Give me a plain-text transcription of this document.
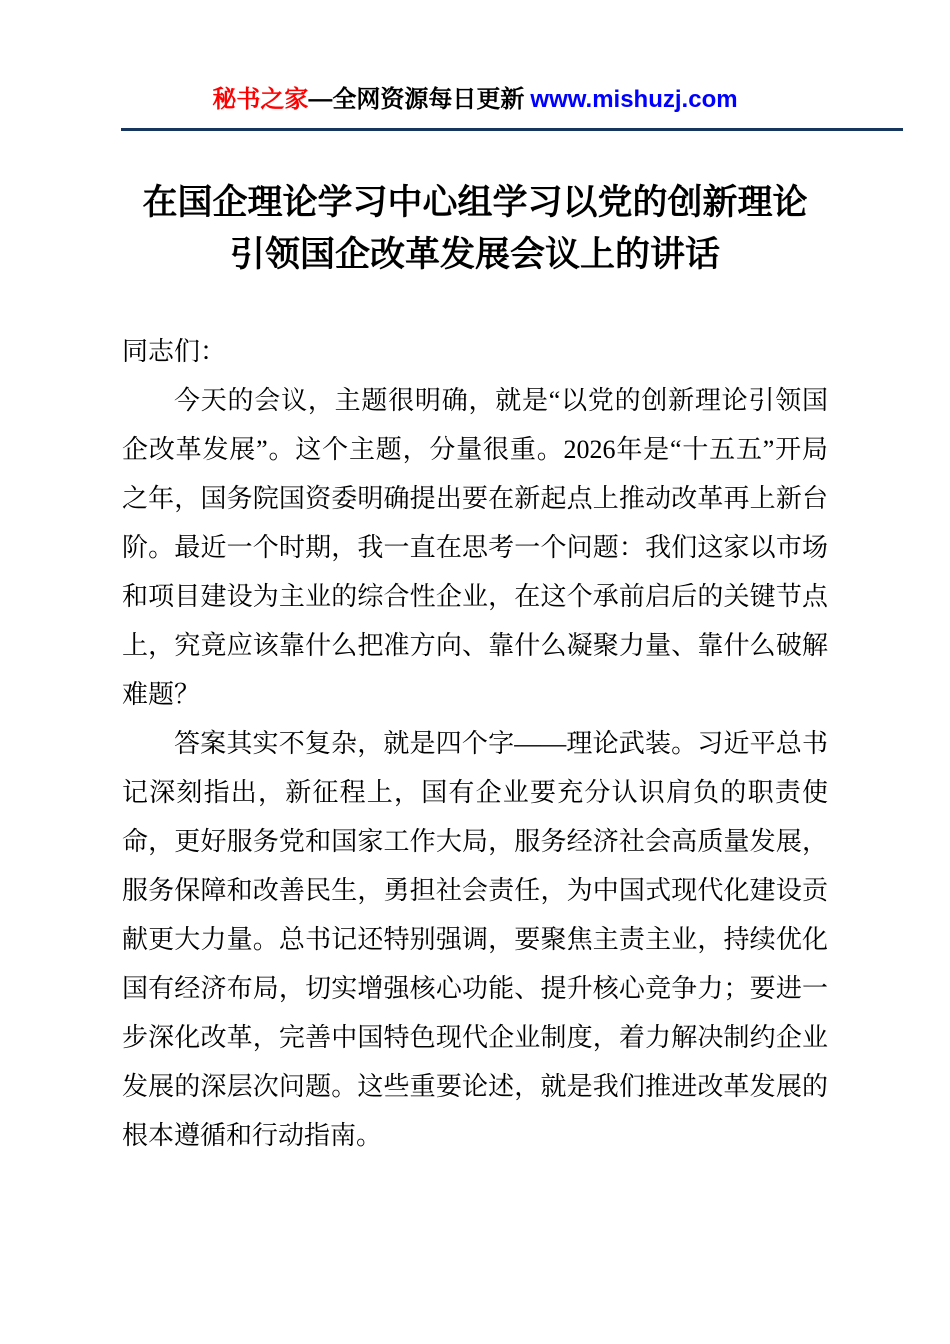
秘书之家—全网资源每日更新 www.mishuzj.com
在国企理论学习中心组学习以党的创新理论
引领国企改革发展会议上的讲话

同志们：

今天的会议，主题很明确，就是“以党的创新理论引领国企改革发展”。这个主题，分量很重。2026年是“十五五”开局之年，国务院国资委明确提出要在新起点上推动改革再上新台阶。最近一个时期，我一直在思考一个问题：我们这家以市场和项目建设为主业的综合性企业，在这个承前启后的关键节点上，究竟应该靠什么把准方向、靠什么凝聚力量、靠什么破解难题？

答案其实不复杂，就是四个字——理论武装。习近平总书记深刻指出，新征程上，国有企业要充分认识肩负的职责使命，更好服务党和国家工作大局，服务经济社会高质量发展，服务保障和改善民生，勇担社会责任，为中国式现代化建设贡献更大力量。总书记还特别强调，要聚焦主责主业，持续优化国有经济布局，切实增强核心功能、提升核心竞争力；要进一步深化改革，完善中国特色现代企业制度，着力解决制约企业发展的深层次问题。这些重要论述，就是我们推进改革发展的根本遵循和行动指南。
